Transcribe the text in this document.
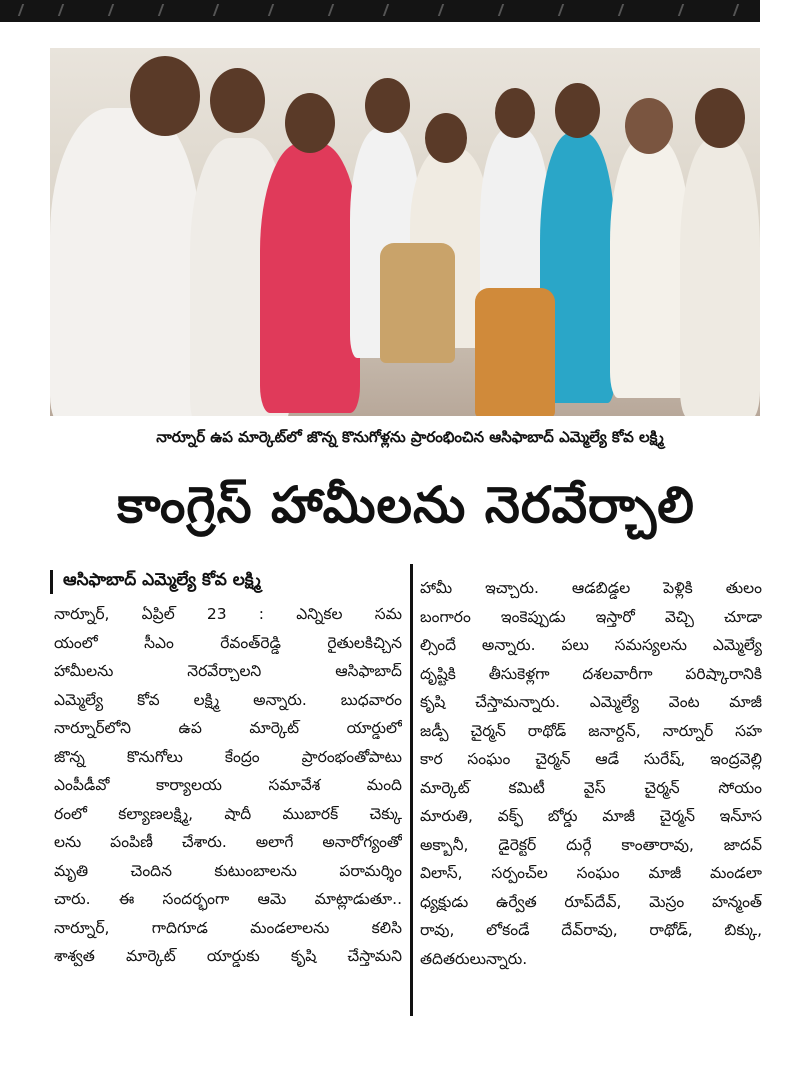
నార్నూర్ ఉప మార్కెట్‌లో జొన్న కొనుగోళ్లను ప్రారంభించిన ఆసిఫాబాద్ ఎమ్మెల్యే కోవ లక్ష్మి
కాంగ్రెస్ హామీలను నెరవేర్చాలి
ఆసిఫాబాద్ ఎమ్మెల్యే కోవ లక్ష్మి

నార్నూర్, ఏప్రిల్ 23 : ఎన్నికల సమ

యంలో సీఎం రేవంత్‌రెడ్డి రైతులకిచ్చిన

హామీలను నెరవేర్చాలని ఆసిఫాబాద్

ఎమ్మెల్యే కోవ లక్ష్మి అన్నారు. బుధవారం

నార్నూర్‌లోని ఉప మార్కెట్ యార్డులో

జొన్న కొనుగోలు కేంద్రం ప్రారంభంతోపాటు

ఎంపీడీవో కార్యాలయ సమావేశ మంది

రంలో కల్యాణలక్ష్మి, షాదీ ముబారక్ చెక్కు

లను పంపిణీ చేశారు. అలాగే అనారోగ్యంతో

మృతి చెందిన కుటుంబాలను పరామర్శిం

చారు. ఈ సందర్భంగా ఆమె మాట్లాడుతూ..

నార్నూర్, గాదిగూడ మండలాలను కలిసి

శాశ్వత మార్కెట్ యార్డుకు కృషి చేస్తామని

హామీ ఇచ్చారు. ఆడబిడ్డల పెళ్లికి తులం

బంగారం ఇంకెప్పుడు ఇస్తారో వెచ్చి చూడా

ల్సిందే అన్నారు. పలు సమస్యలను ఎమ్మెల్యే

దృష్టికి తీసుకెళ్లగా దశలవారీగా పరిష్కారానికి

కృషి చేస్తామన్నారు. ఎమ్మెల్యే వెంట మాజీ

జడ్పీ చైర్మన్ రాథోడ్ జనార్దన్, నార్నూర్ సహ

కార సంఘం చైర్మన్ ఆడే సురేష్, ఇంద్రవెల్లి

మార్కెట్ కమిటీ వైస్ చైర్మన్ సోయం

మారుతి, వక్ఫ్ బోర్డు మాజీ చైర్మన్ ఇనూ్స

అక్బానీ, డైరెక్టర్ దుర్గే కాంతారావు, జాదవ్

విలాస్, సర్పంచ్‌ల సంఘం మాజీ మండలా

ధ్యక్షుడు ఉర్వేత రూప్‌దేవ్, మెస్రం హన్మంత్

రావు, లోకండే దేవ్‌రావు, రాథోడ్, బిక్కు,

తదితరులున్నారు.
